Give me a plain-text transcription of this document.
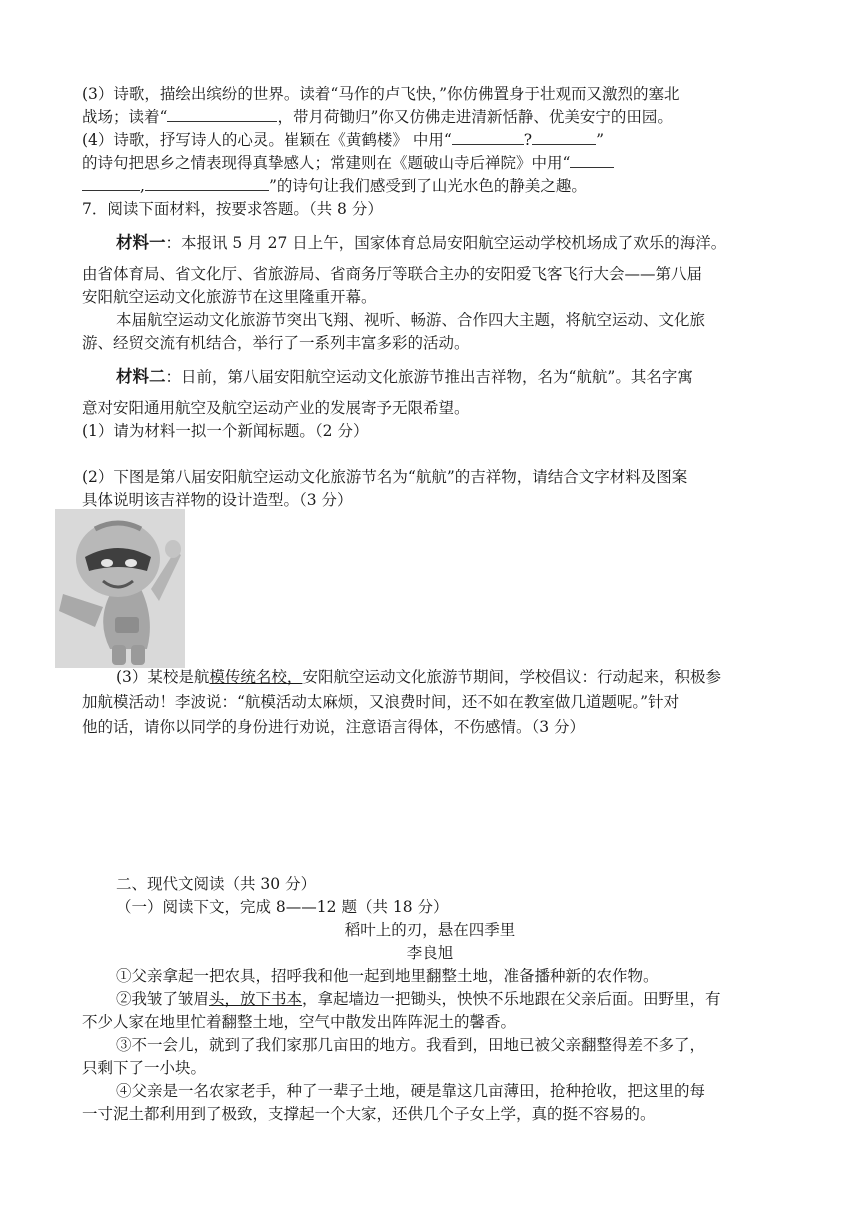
(3）诗歌，描绘出缤纷的世界。读着“马作的卢飞快，”你仿佛置身于壮观而又激烈的塞北
战场；读着“	，带月荷锄归”你又仿佛走进清新恬静、优美安宁的田园。
(4）诗歌，抒写诗人的心灵。崔颖在《黄鹤楼》 中用“	?	”
的诗句把思乡之情表现得真挚感人；常建则在《题破山寺后禅院》中用“
,	”的诗句让我们感受到了山光水色的静美之趣。
7．阅读下面材料，按要求答题。（共 8 分）
材料一：本报讯 5 月 27 日上午，国家体育总局安阳航空运动学校机场成了欢乐的海洋。
由省体育局、省文化厅、省旅游局、省商务厅等联合主办的安阳爱飞客飞行大会——第八届
安阳航空运动文化旅游节在这里隆重开幕。
本届航空运动文化旅游节突出飞翔、视听、畅游、合作四大主题，将航空运动、文化旅
游、经贸交流有机结合，举行了一系列丰富多彩的活动。
材料二：日前，第八届安阳航空运动文化旅游节推出吉祥物，名为“航航”。其名字寓
意对安阳通用航空及航空运动产业的发展寄予无限希望。
(1）请为材料一拟一个新闻标题。（2 分）
(2）下图是第八届安阳航空运动文化旅游节名为“航航”的吉祥物，请结合文字材料及图案
具体说明该吉祥物的设计造型。（3 分）
(3）某校是航模传统名校，安阳航空运动文化旅游节期间，学校倡议：行动起来，积极参
加航模活动！李波说：“航模活动太麻烦，又浪费时间，还不如在教室做几道题呢。”针对
他的话，请你以同学的身份进行劝说，注意语言得体，不伤感情。（3 分）
二、现代文阅读（共 30 分）
（一）阅读下文，完成 8——12 题（共 18 分）
稻叶上的刃，悬在四季里
李良旭
①父亲拿起一把农具，招呼我和他一起到地里翻整土地，准备播种新的农作物。
②我皱了皱眉头，放下书本，拿起墙边一把锄头，怏怏不乐地跟在父亲后面。田野里，有
不少人家在地里忙着翻整土地，空气中散发出阵阵泥土的馨香。
③不一会儿，就到了我们家那几亩田的地方。我看到，田地已被父亲翻整得差不多了，
只剩下了一小块。
④父亲是一名农家老手，种了一辈子土地，硬是靠这几亩薄田，抢种抢收，把这里的每
一寸泥土都利用到了极致，支撑起一个大家，还供几个子女上学，真的挺不容易的。
